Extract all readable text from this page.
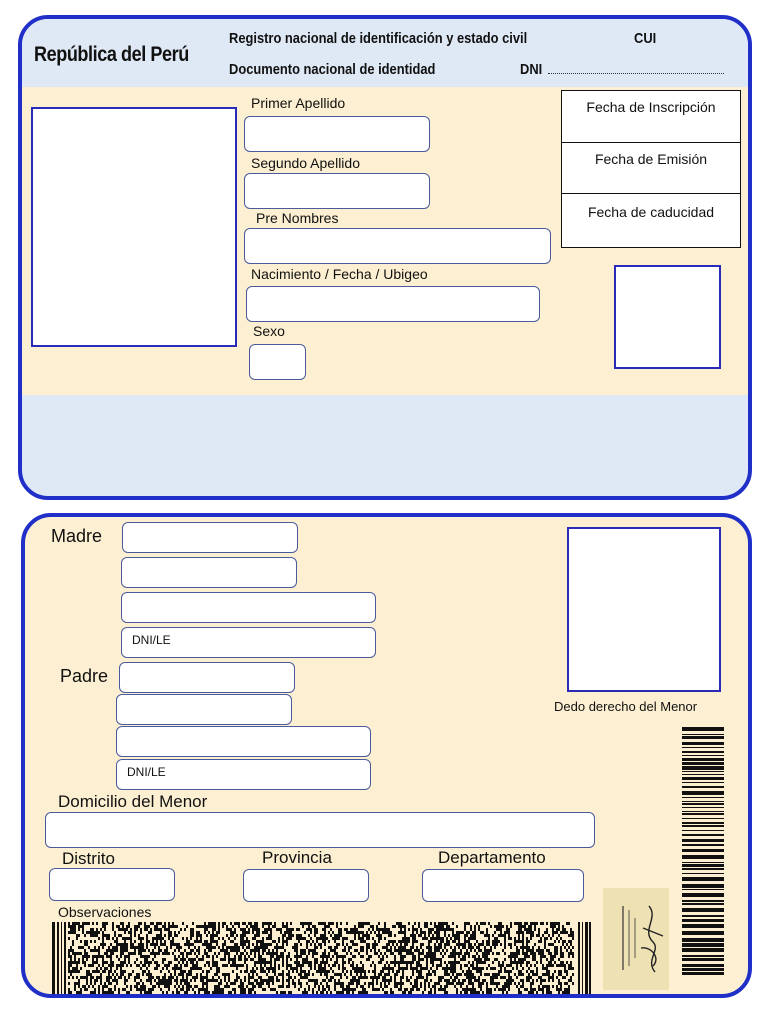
República del Perú
Registro nacional de identificación y estado civil	CUI
Documento nacional de identidad	DNI
Primer Apellido
Segundo Apellido
Pre Nombres
Nacimiento / Fecha / Ubigeo
Sexo
Fecha de Inscripción
Fecha de Emisión
Fecha de caducidad
Madre
DNI/LE
Padre
DNI/LE
Dedo derecho del Menor
Domicilio del Menor
Distrito	Provincia	Departamento
Observaciones
